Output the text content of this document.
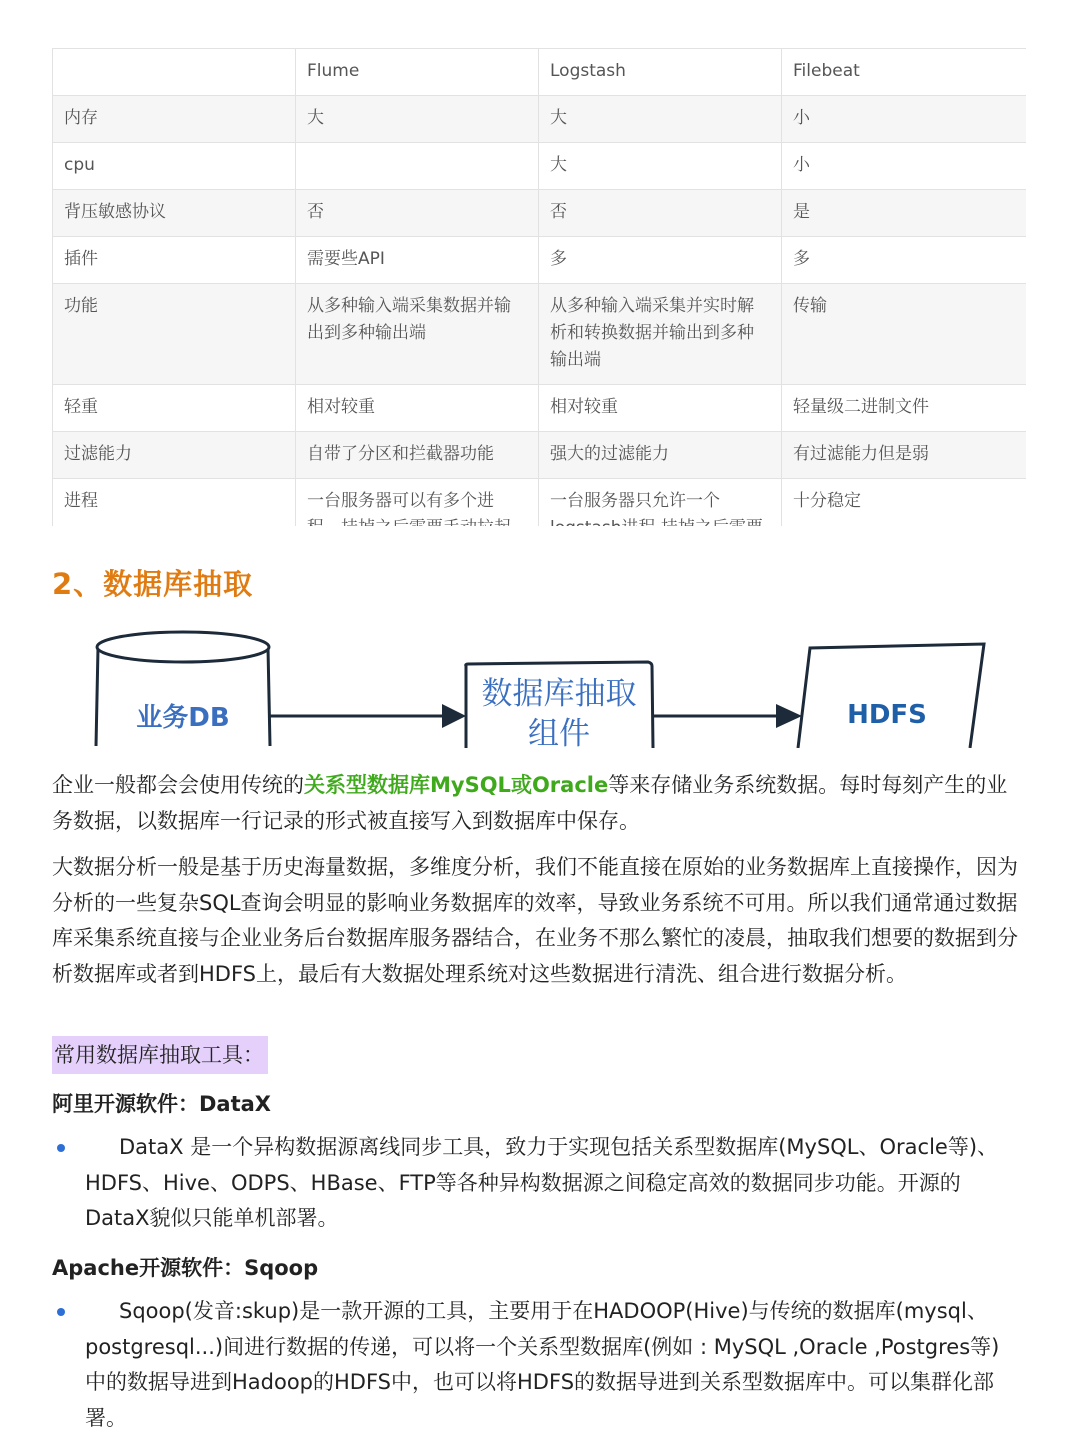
	Flume	Logstash	Filebeat
内存	大	大	小
cpu		大	小
背压敏感协议	否	否	是
插件	需要些API	多	多
功能	从多种输入端采集数据并输出到多种输出端	从多种输入端采集并实时解析和转换数据并输出到多种输出端	传输
轻重	相对较重	相对较重	轻量级二进制文件
过滤能力	自带了分区和拦截器功能	强大的过滤能力	有过滤能力但是弱
进程	一台服务器可以有多个进	一台服务器只允许一个	十分稳定
2、数据库抽取
业务DB
数据库抽取
组件
HDFS

企业一般都会会使用传统的关系型数据库MySQL或Oracle等来存储业务系统数据。每时每刻产生的业务数据，以数据库一行记录的形式被直接写入到数据库中保存。

大数据分析一般是基于历史海量数据，多维度分析，我们不能直接在原始的业务数据库上直接操作，因为分析的一些复杂SQL查询会明显的影响业务数据库的效率，导致业务系统不可用。所以我们通常通过数据库采集系统直接与企业业务后台数据库服务器结合，在业务不那么繁忙的凌晨，抽取我们想要的数据到分析数据库或者到HDFS上，最后有大数据处理系统对这些数据进行清洗、组合进行数据分析。

常用数据库抽取工具：

阿里开源软件：DataX

DataX 是一个异构数据源离线同步工具，致力于实现包括关系型数据库(MySQL、Oracle等)、HDFS、Hive、ODPS、HBase、FTP等各种异构数据源之间稳定高效的数据同步功能。开源的DataX貌似只能单机部署。

Apache开源软件：Sqoop

Sqoop(发音:skup)是一款开源的工具，主要用于在HADOOP(Hive)与传统的数据库(mysql、postgresql...)间进行数据的传递，可以将一个关系型数据库(例如 : MySQL ,Oracle ,Postgres等)中的数据导进到Hadoop的HDFS中，也可以将HDFS的数据导进到关系型数据库中。可以集群化部署。
